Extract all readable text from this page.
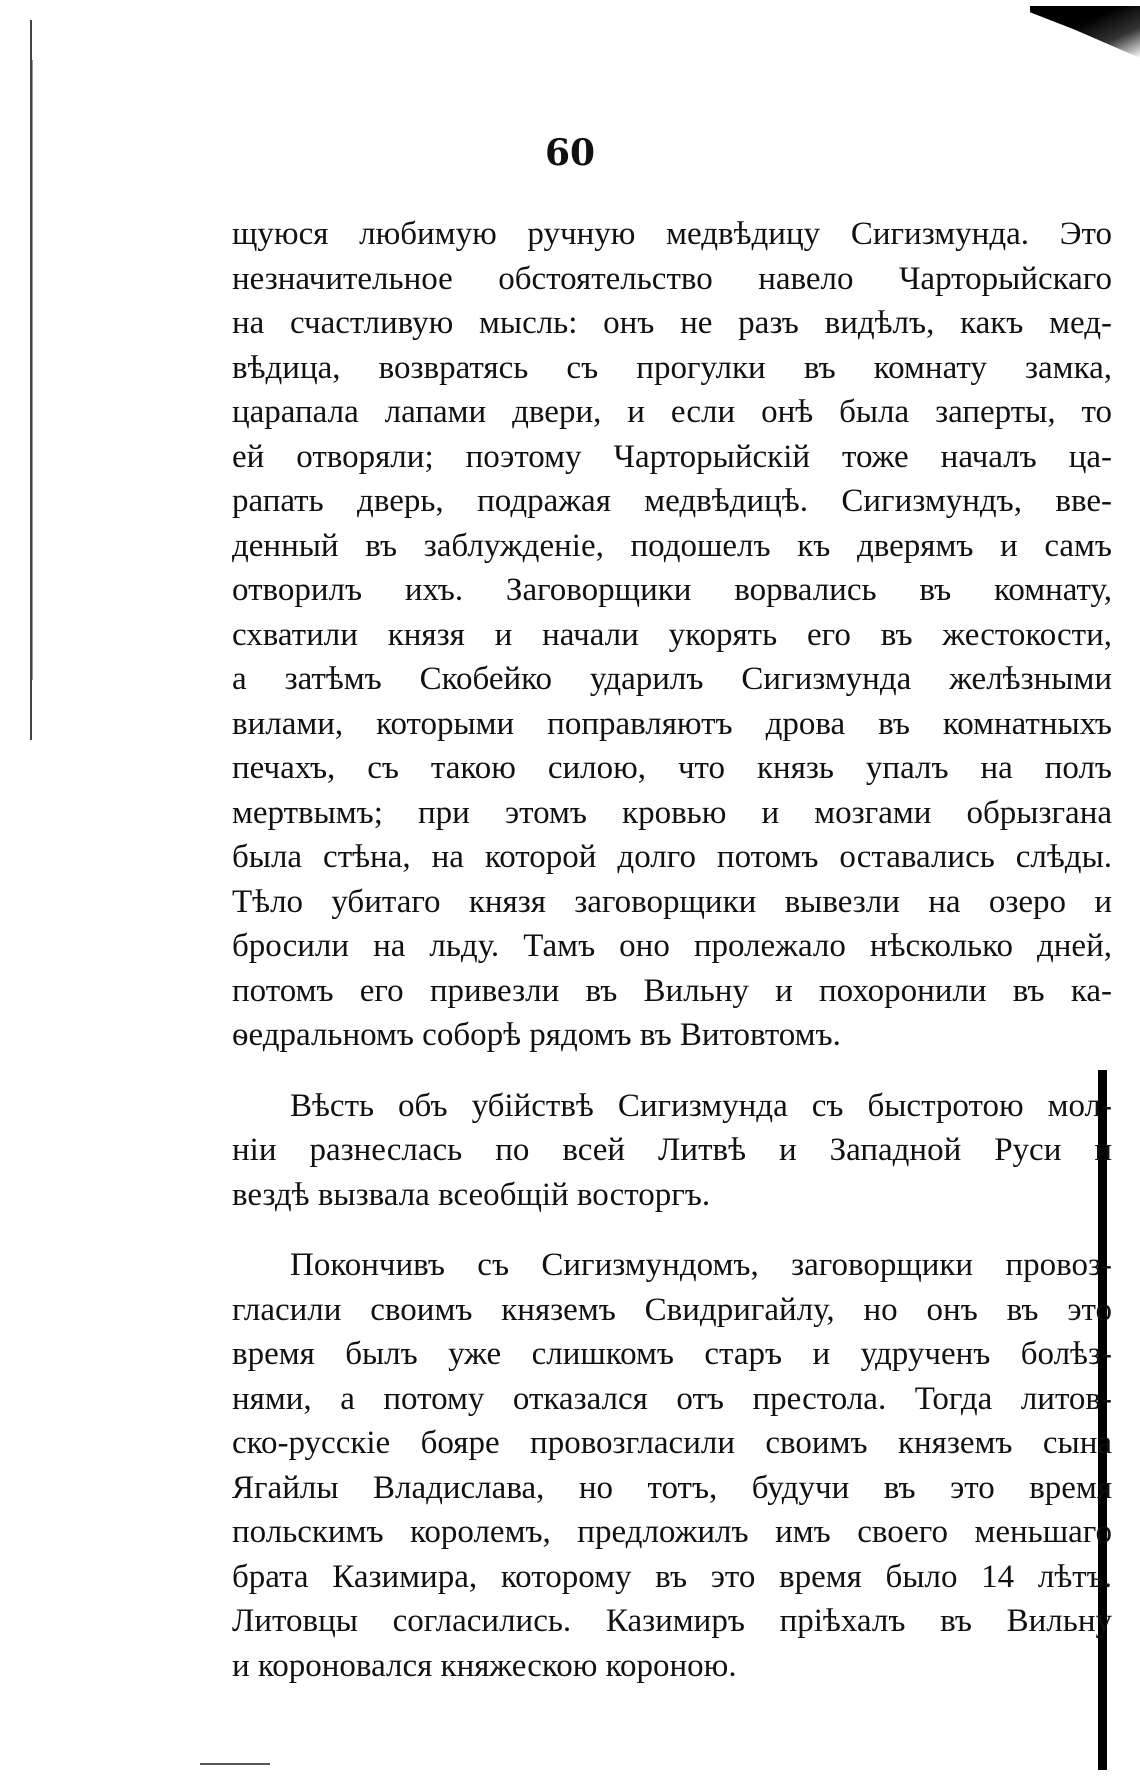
60
щуюся любимую ручную медвѣдицу Сигизмунда. Это
незначительное обстоятельство навело Чарторыйскаго
на счастливую мысль: онъ не разъ видѣлъ, какъ мед-
вѣдица, возвратясь съ прогулки въ комнату замка,
царапала лапами двери, и если онѣ была заперты, то
ей отворяли; поэтому Чарторыйскій тоже началъ ца-
рапать дверь, подражая медвѣдицѣ. Сигизмундъ, вве-
денный въ заблужденіе, подошелъ къ дверямъ и самъ
отворилъ ихъ. Заговорщики ворвались въ комнату,
схватили князя и начали укорять его въ жестокости,
а затѣмъ Скобейко ударилъ Сигизмунда желѣзными
вилами, которыми поправляютъ дрова въ комнатныхъ
печахъ, съ такою силою, что князь упалъ на полъ
мертвымъ; при этомъ кровью и мозгами обрызгана
была стѣна, на которой долго потомъ оставались слѣды.
Тѣло убитаго князя заговорщики вывезли на озеро и
бросили на льду. Тамъ оно пролежало нѣсколько дней,
потомъ его привезли въ Вильну и похоронили въ ка-
ѳедральномъ соборѣ рядомъ въ Витовтомъ.
Вѣсть объ убійствѣ Сигизмунда съ быстротою мол-
ніи разнеслась по всей Литвѣ и Западной Руси и
вездѣ вызвала всеобщій восторгъ.
Покончивъ съ Сигизмундомъ, заговорщики провоз-
гласили своимъ княземъ Свидригайлу, но онъ въ это
время былъ уже слишкомъ старъ и удрученъ болѣз-
нями, а потому отказался отъ престола. Тогда литов-
ско-русскіе бояре провозгласили своимъ княземъ сына
Ягайлы Владислава, но тотъ, будучи въ это время
польскимъ королемъ, предложилъ имъ своего меньшаго
брата Казимира, которому въ это время было 14 лѣтъ.
Литовцы согласились. Казимиръ пріѣхалъ въ Вильну
и короновался княжескою короною.
